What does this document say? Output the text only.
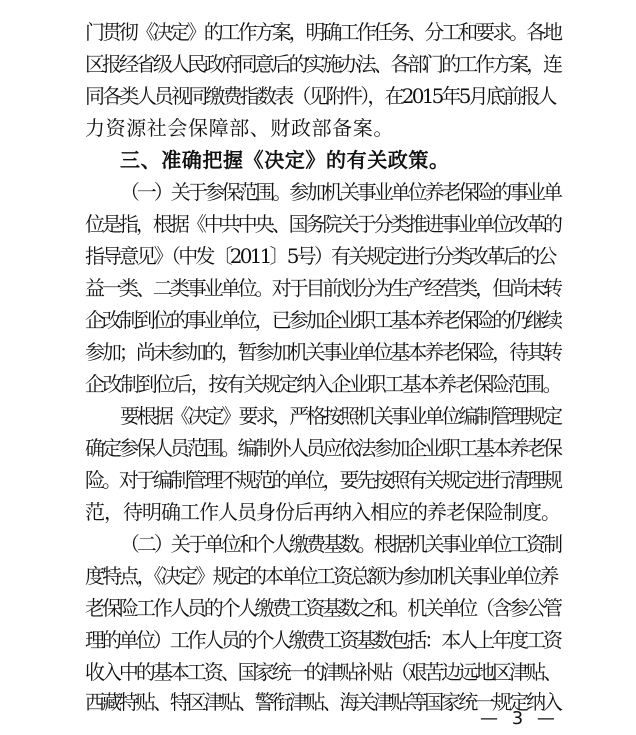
门贯彻《决定》的工作方案，明确工作任务、分工和要求。各地
区报经省级人民政府同意后的实施办法、各部门的工作方案，连
同各类人员视同缴费指数表（见附件），在2015年5月底前报人
力资源社会保障部、财政部备案。
三、准确把握《决定》的有关政策。
（一）关于参保范围。参加机关事业单位养老保险的事业单
位是指，根据《中共中央、国务院关于分类推进事业单位改革的
指导意见》（中发〔2011〕5号）有关规定进行分类改革后的公
益一类、二类事业单位。对于目前划分为生产经营类，但尚未转
企改制到位的事业单位，已参加企业职工基本养老保险的仍继续
参加；尚未参加的，暂参加机关事业单位基本养老保险，待其转
企改制到位后，按有关规定纳入企业职工基本养老保险范围。
要根据《决定》要求，严格按照机关事业单位编制管理规定
确定参保人员范围。编制外人员应依法参加企业职工基本养老保
险。对于编制管理不规范的单位，要先按照有关规定进行清理规
范，待明确工作人员身份后再纳入相应的养老保险制度。
（二）关于单位和个人缴费基数。根据机关事业单位工资制
度特点，《决定》规定的本单位工资总额为参加机关事业单位养
老保险工作人员的个人缴费工资基数之和。机关单位（含参公管
理的单位）工作人员的个人缴费工资基数包括：本人上年度工资
收入中的基本工资、国家统一的津贴补贴（艰苦边远地区津贴、
西藏特贴、特区津贴、警衔津贴、海关津贴等国家统一规定纳入
— 3 —
